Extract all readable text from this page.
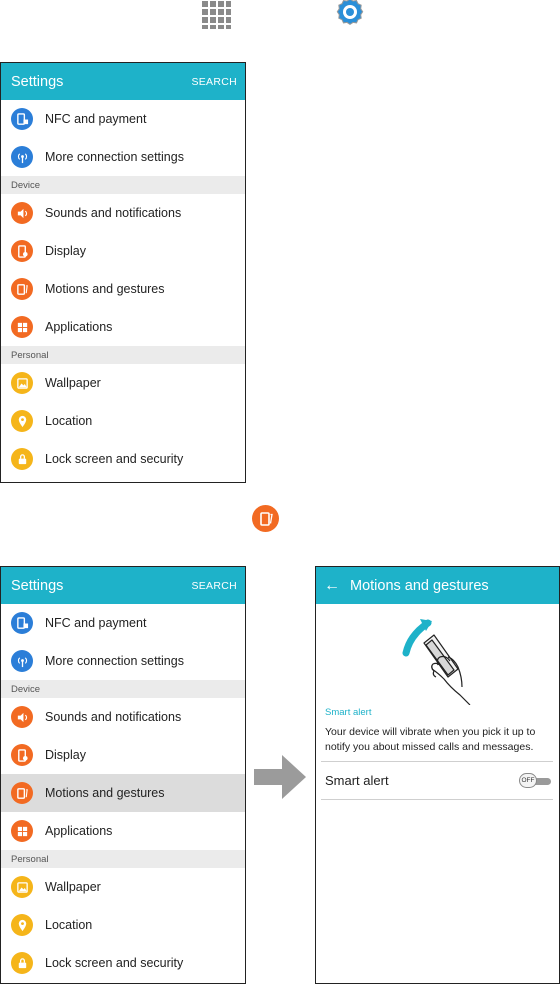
Settings	SEARCH
NFC and payment
More connection settings
Device
Sounds and notifications
Display
Motions and gestures
Applications
Personal
Wallpaper
Location
Lock screen and security
Settings	SEARCH
NFC and payment
More connection settings
Device
Sounds and notifications
Display
Motions and gestures
Applications
Personal
Wallpaper
Location
Lock screen and security
← Motions and gestures
Smart alert
Your device will vibrate when you pick it up to notify you about missed calls and messages.
Smart alert	OFF
